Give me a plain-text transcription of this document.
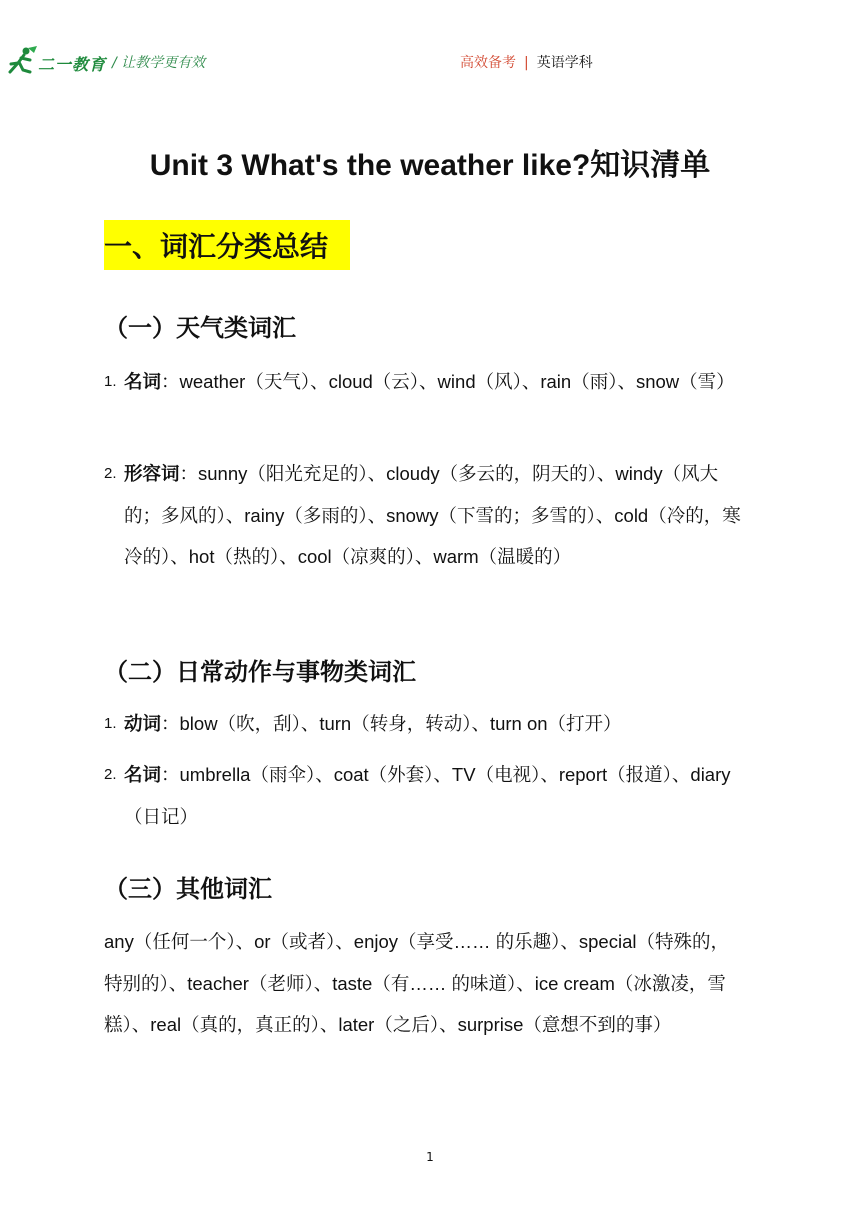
二一教育 / 让教学更有效	高效备考 | 英语学科
Unit 3 What's the weather like?知识清单
一、词汇分类总结
（一）天气类词汇
1. 名词：weather（天气）、cloud（云）、wind（风）、rain（雨）、snow（雪）
2. 形容词：sunny（阳光充足的）、cloudy（多云的，阴天的）、windy（风大的；多风的）、rainy（多雨的）、snowy（下雪的；多雪的）、cold（冷的，寒冷的）、hot（热的）、cool（凉爽的）、warm（温暖的）
（二）日常动作与事物类词汇
1. 动词：blow（吹，刮）、turn（转身，转动）、turn on（打开）
2. 名词：umbrella（雨伞）、coat（外套）、TV（电视）、report（报道）、diary（日记）
（三）其他词汇
any（任何一个）、or（或者）、enjoy（享受…… 的乐趣）、special（特殊的，特别的）、teacher（老师）、taste（有…… 的味道）、ice cream（冰激凌，雪糕）、real（真的，真正的）、later（之后）、surprise（意想不到的事）
1
